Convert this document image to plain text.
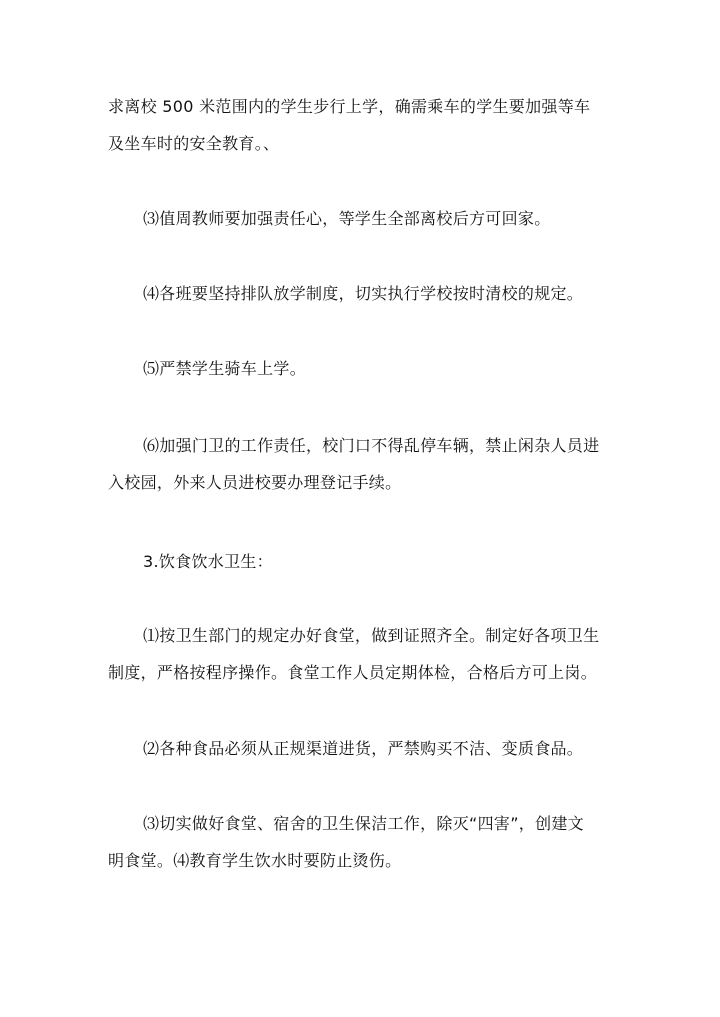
求离校 500 米范围内的学生步行上学，确需乘车的学生要加强等车
及坐车时的安全教育。、

⑶值周教师要加强责任心，等学生全部离校后方可回家。

⑷各班要坚持排队放学制度，切实执行学校按时清校的规定。

⑸严禁学生骑车上学。

⑹加强门卫的工作责任，校门口不得乱停车辆，禁止闲杂人员进
入校园，外来人员进校要办理登记手续。

3.饮食饮水卫生：

⑴按卫生部门的规定办好食堂，做到证照齐全。制定好各项卫生
制度，严格按程序操作。食堂工作人员定期体检，合格后方可上岗。

⑵各种食品必须从正规渠道进货，严禁购买不洁、变质食品。

⑶切实做好食堂、宿舍的卫生保洁工作，除灭“四害”，创建文
明食堂。⑷教育学生饮水时要防止烫伤。
